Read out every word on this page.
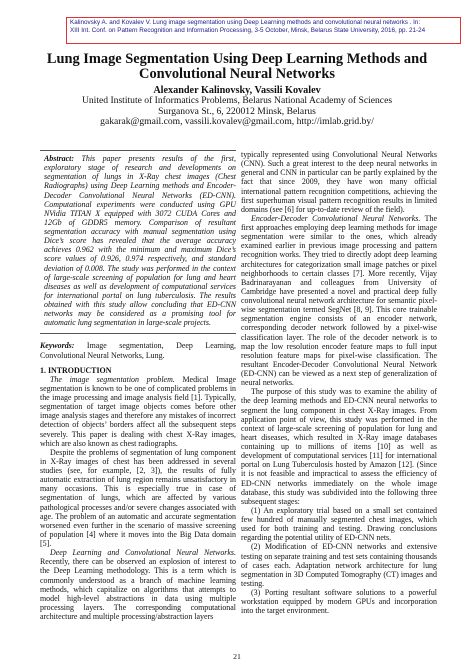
Kalinovsky A. and Kovalev V. Lung image segmentation using Deep Learning methods and convolutional neural networks . In:
XIII Int. Conf. on Pattern Recognition and Information Processing, 3-5 October, Minsk, Belarus State University, 2016, pp. 21-24
Lung Image Segmentation Using Deep Learning Methods and
Convolutional Neural Networks
Alexander Kalinovsky, Vassili Kovalev
United Institute of Informatics Problems, Belarus National Academy of Sciences
Surganova St., 6, 220012 Minsk, Belarus
gakarak@gmail.com, vassili.kovalev@gmail.com, http://imlab.grid.by/

Abstract: This paper presents results of the first, exploratory stage of research and developments on segmentation of lungs in X-Ray chest images (Chest Radiographs) using Deep Learning methods and Encoder-Decoder Convolutional Neural Networks (ED-CNN). Computational experiments were conducted using GPU NVidia TITAN X equipped with 3072 CUDA Cores and 12Gb of GDDR5 memory. Comparison of resultant segmentation accuracy with manual segmentation using Dice’s score has revealed that the average accuracy achieves 0.962 with the minimum and maximum Dice’s score values of 0.926, 0.974 respectively, and standard deviation of 0.008. The study was performed in the context of large-scale screening of population for lung and heart diseases as well as development of computational services for international portal on lung tuberculosis. The results obtained with this study allow concluding that ED-CNN networks may be considered as a promising tool for automatic lung segmentation in large-scale projects.

Keywords: Image segmentation, Deep Learning, Convolutional Neural Networks, Lung.

1. INTRODUCTION

The image segmentation problem. Medical Image segmentation is known to be one of complicated problems in the image processing and image analysis field [1]. Typically, segmentation of target image objects comes before other image analysis stages and therefore any mistakes of incorrect detection of objects’ borders affect all the subsequent steps severely. This paper is dealing with chest X-Ray images, which are also known as chest radiographs.

Despite the problems of segmentation of lung component in X-Ray images of chest has been addressed in several studies (see, for example, [2, 3]), the results of fully automatic extraction of lung region remains unsatisfactory in many occasions. This is especially true in case of segmentation of lungs, which are affected by various pathological processes and/or severe changes associated with age. The problem of an automatic and accurate segmentation worsened even further in the scenario of massive screening of population [4] where it moves into the Big Data domain [5].

Deep Learning and Convolutional Neural Networks. Recently, there can be observed an explosion of interest to the Deep Learning methodology. This is a term which is commonly understood as a branch of machine learning methods, which capitalize on algorithms that attempts to model high-level abstractions in data using multiple processing layers. The corresponding computational architecture and multiple processing/abstraction layers

typically represented using Convolutional Neural Networks (CNN). Such a great interest to the deep neural networks in general and CNN in particular can be partly explained by the fact that since 2009, they have won many official international pattern recognition competitions, achieving the first superhuman visual pattern recognition results in limited domains (see [6] for up-to-date review of the field).

Encoder-Decoder Convolutional Neural Networks. The first approaches employing deep learning methods for image segmentation were similar to the ones, which already examined earlier in previous image processing and pattern recognition works. They tried to directly adopt deep learning architectures for categorization small image patches or pixel neighborhoods to certain classes [7]. More recently, Vijay Badrinarayanan and colleagues from University of Cambridge have presented a novel and practical deep fully convolutional neural network architecture for semantic pixel-wise segmentation termed SegNet [8, 9]. This core trainable segmentation engine consists of an encoder network, corresponding decoder network followed by a pixel-wise classification layer. The role of the decoder network is to map the low resolution encoder feature maps to full input resolution feature maps for pixel-wise classification. The resultant Encoder-Decoder Convolutional Neural Network (ED-CNN) can be viewed as a next step of generalization of neural networks.

The purpose of this study was to examine the ability of the deep learning methods and ED-CNN neural networks to segment the lung component in chest X-Ray images. From application point of view, this study was performed in the context of large-scale screening of population for lung and heart diseases, which resulted in X-Ray image databases containing up to millions of items [10] as well as development of computational services [11] for international portal on Lung Tuberculosis hosted by Amazon [12]. (Since it is not feasible and impractical to assess the efficiency of ED-CNN networks immediately on the whole image database, this study was subdivided into the following three subsequent stages:

(1) An exploratory trial based on a small set contained few hundred of manually segmented chest images, which used for both training and testing. Drawing conclusions regarding the potential utility of ED-CNN nets.

(2) Modification of ED-CNN networks and extensive testing on separate training and test sets containing thousands of cases each. Adaptation network architecture for lung segmentation in 3D Computed Tomography (CT) images and testing.

(3) Porting resultant software solutions to a powerful workstation equipped by modern GPUs and incorporation into the target environment.

21
